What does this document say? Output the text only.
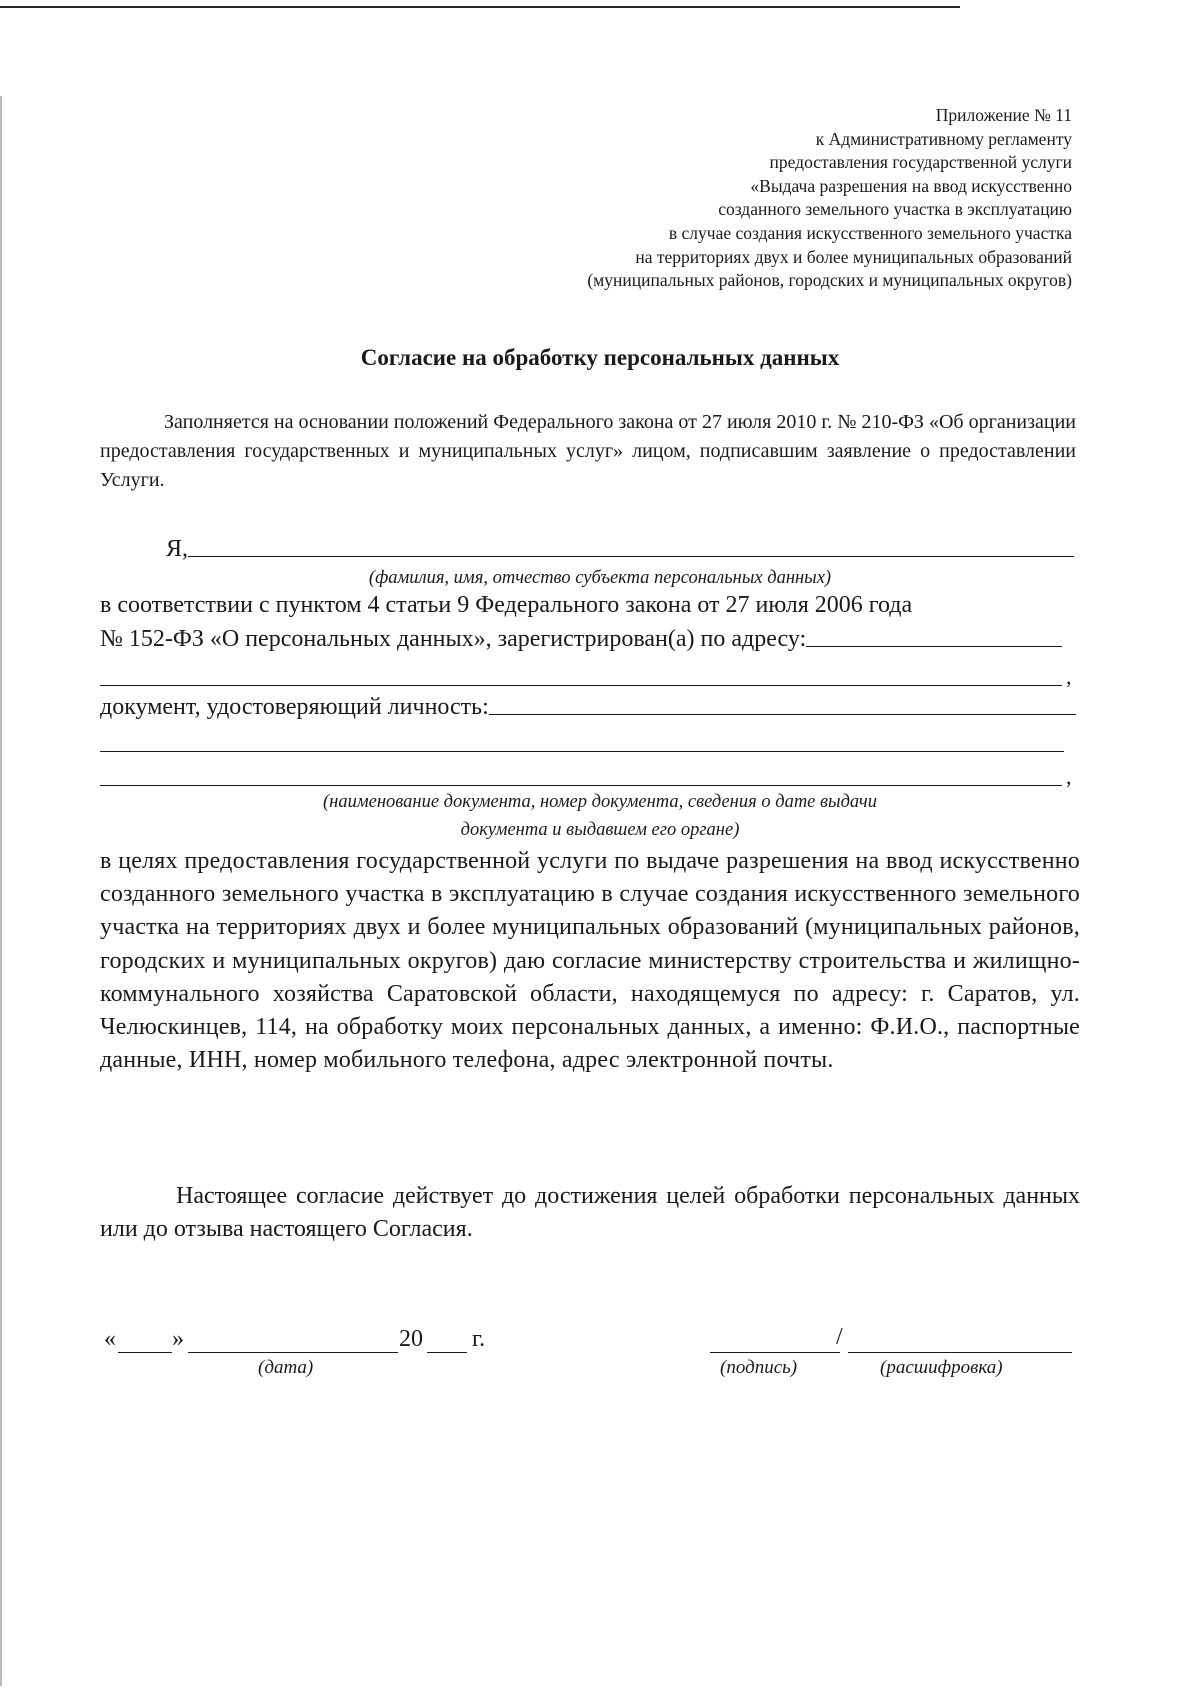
Приложение № 11
к Административному регламенту
предоставления государственной услуги
«Выдача разрешения на ввод искусственно
созданного земельного участка в эксплуатацию
в случае создания искусственного земельного участка
на территориях двух и более муниципальных образований
(муниципальных районов, городских и муниципальных округов)
Согласие на обработку персональных данных
Заполняется на основании положений Федерального закона от 27 июля 2010 г. № 210-ФЗ «Об организации предоставления государственных и муниципальных услуг» лицом, подписавшим заявление о предоставлении Услуги.
Я,
(фамилия, имя, отчество субъекта персональных данных)
в соответствии с пунктом 4 статьи 9 Федерального закона от 27 июля 2006 года
№ 152-ФЗ «О персональных данных», зарегистрирован(а) по адресу:
,
документ, удостоверяющий личность:
,
(наименование документа, номер документа, сведения о дате выдачи
документа и выдавшем его органе)
в целях предоставления государственной услуги по выдаче разрешения на ввод искусственно созданного земельного участка в эксплуатацию в случае создания искусственного земельного участка на территориях двух и более муниципальных образований (муниципальных районов, городских и муниципальных округов) даю согласие министерству строительства и жилищно-коммунального хозяйства Саратовской области, находящемуся по адресу: г. Саратов, ул. Челюскинцев, 114, на обработку моих персональных данных, а именно: Ф.И.О., паспортные данные, ИНН, номер мобильного телефона, адрес электронной почты.
Настоящее согласие действует до достижения целей обработки персональных данных или до отзыва настоящего Согласия.
« »	20 г.
(дата)
/
(подпись)	(расшифровка)
